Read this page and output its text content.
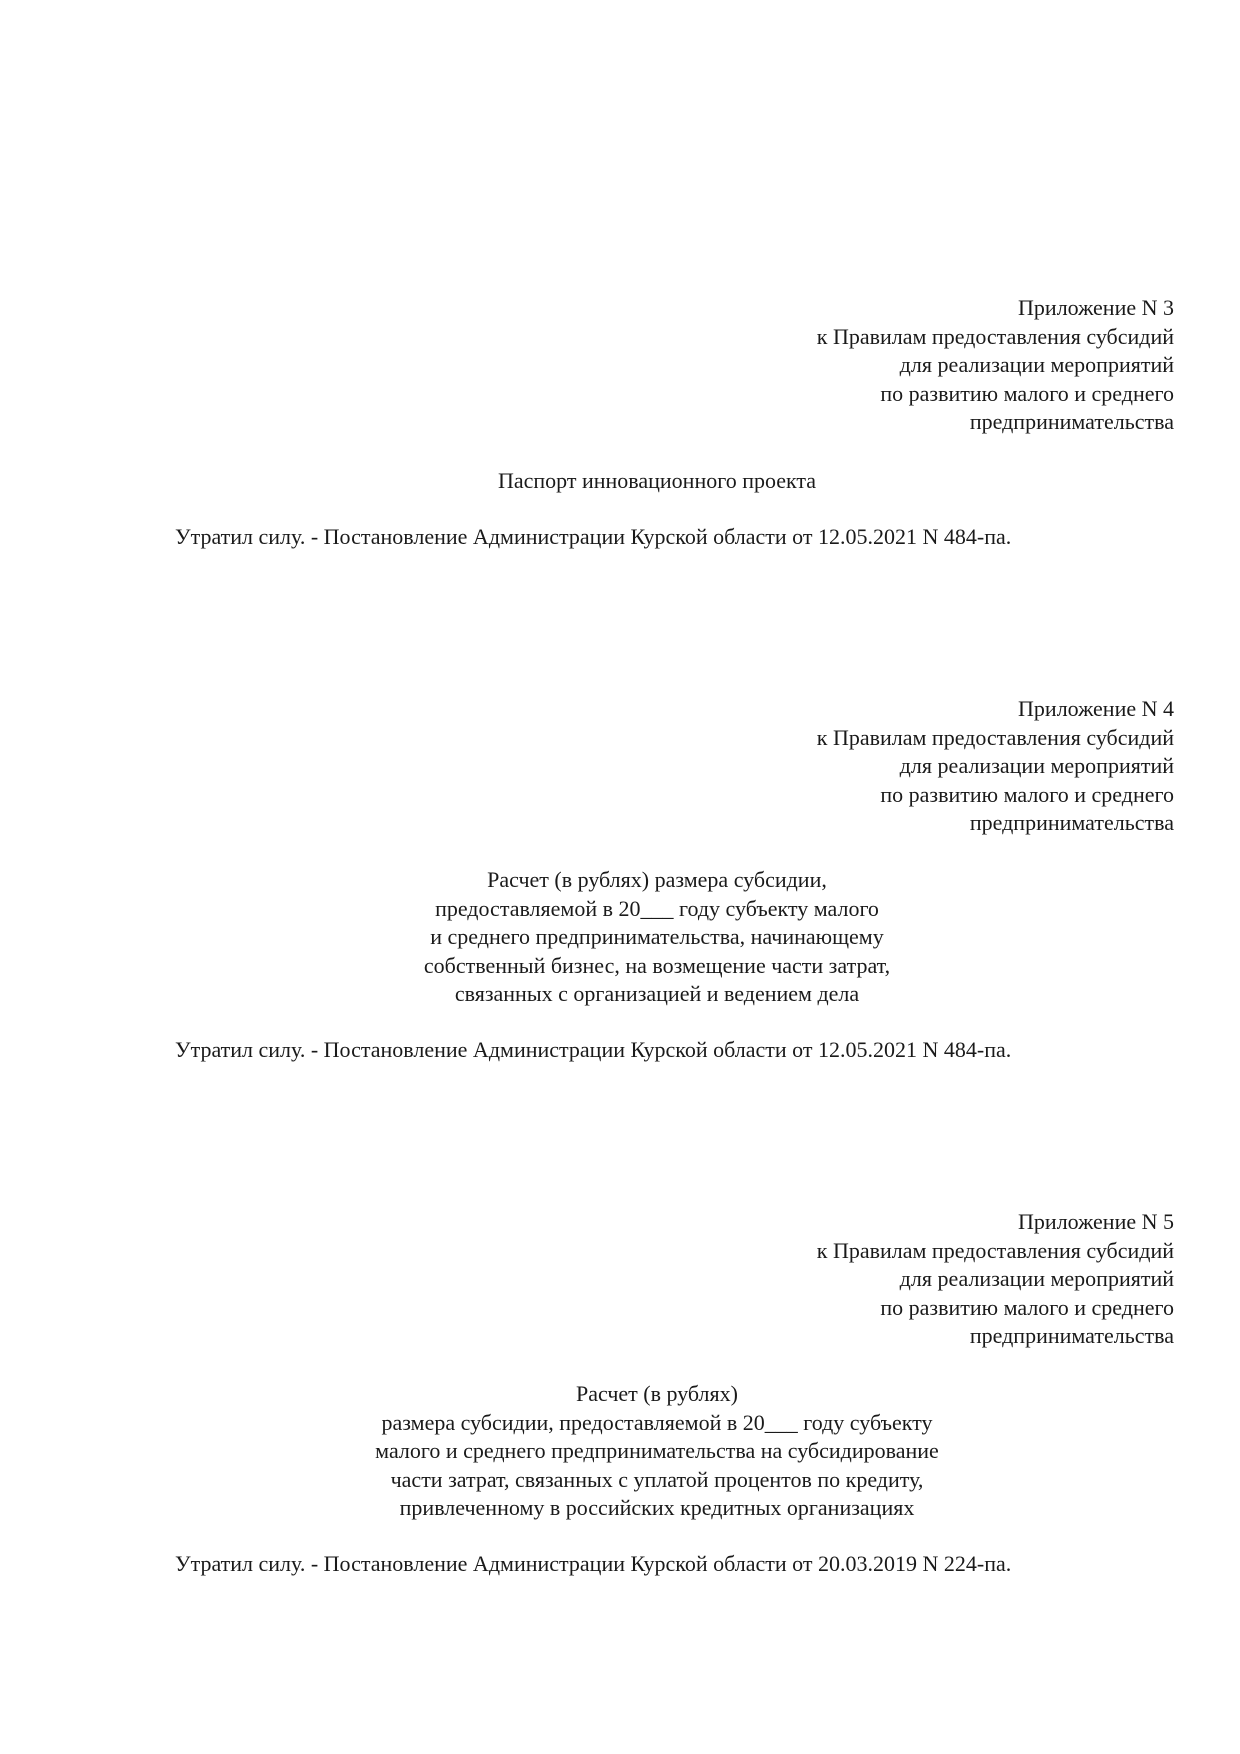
Приложение N 3
к Правилам предоставления субсидий
для реализации мероприятий
по развитию малого и среднего
предпринимательства
Паспорт инновационного проекта
Утратил силу. - Постановление Администрации Курской области от 12.05.2021 N 484-па.
Приложение N 4
к Правилам предоставления субсидий
для реализации мероприятий
по развитию малого и среднего
предпринимательства
Расчет (в рублях) размера субсидии,
предоставляемой в 20___ году субъекту малого
и среднего предпринимательства, начинающему
собственный бизнес, на возмещение части затрат,
связанных с организацией и ведением дела
Утратил силу. - Постановление Администрации Курской области от 12.05.2021 N 484-па.
Приложение N 5
к Правилам предоставления субсидий
для реализации мероприятий
по развитию малого и среднего
предпринимательства
Расчет (в рублях)
размера субсидии, предоставляемой в 20___ году субъекту
малого и среднего предпринимательства на субсидирование
части затрат, связанных с уплатой процентов по кредиту,
привлеченному в российских кредитных организациях
Утратил силу. - Постановление Администрации Курской области от 20.03.2019 N 224-па.
